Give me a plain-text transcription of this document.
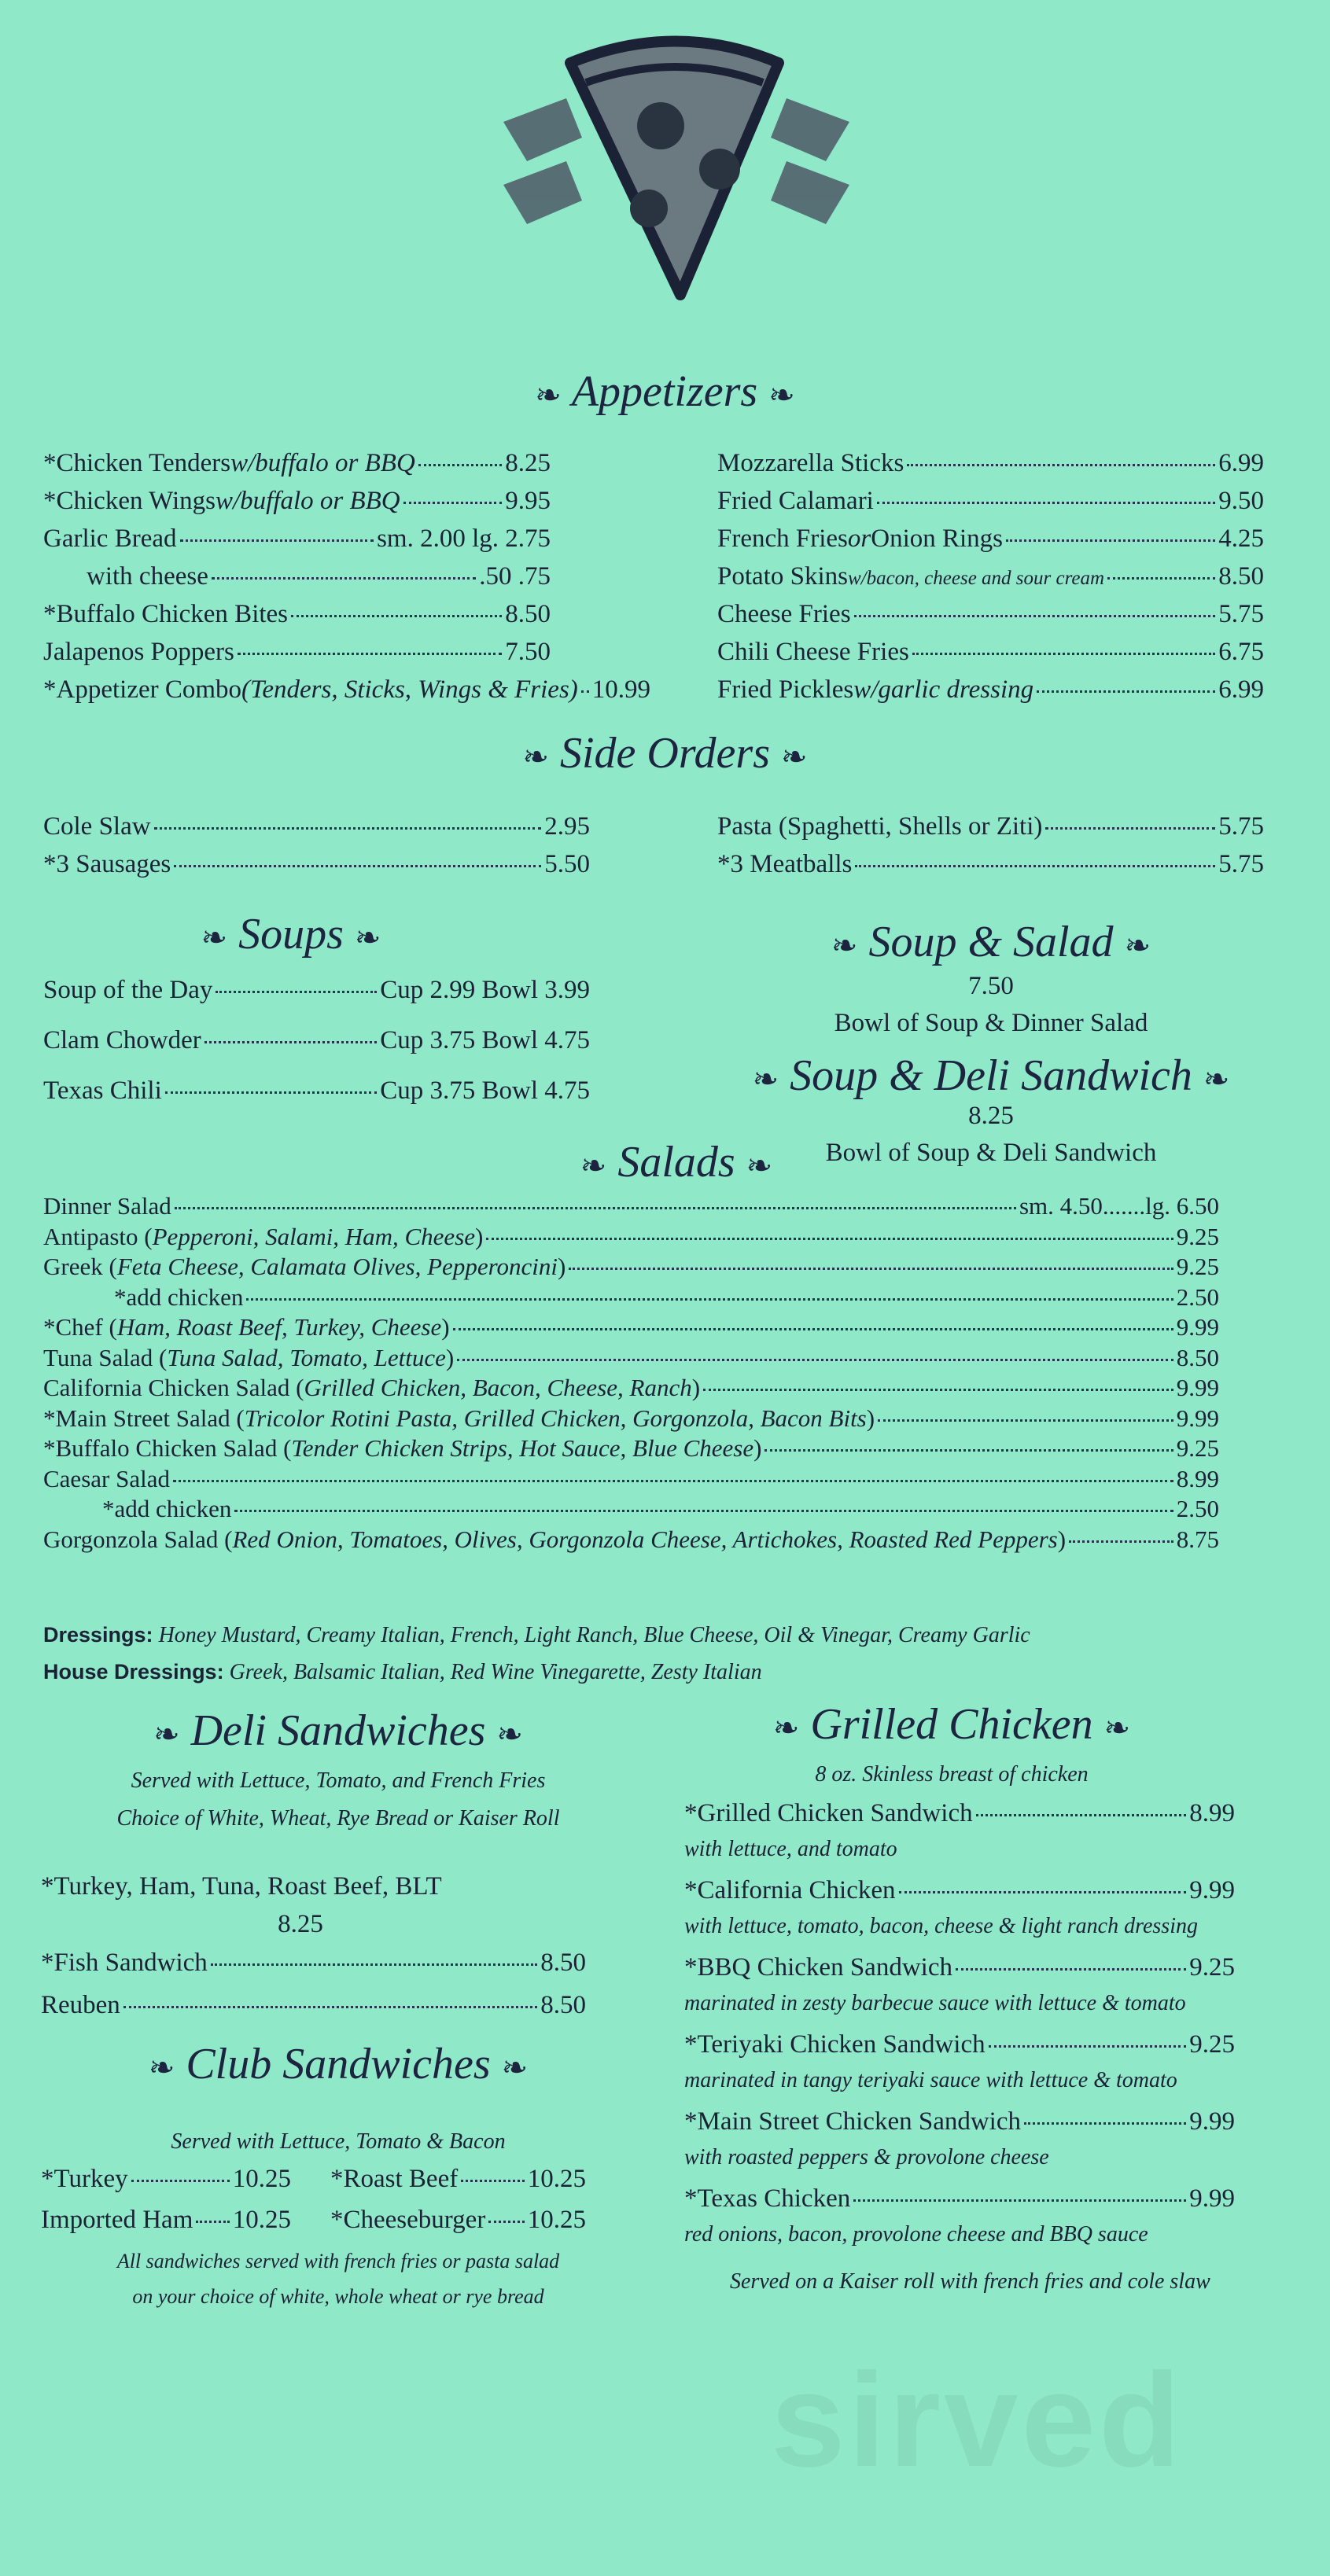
❧ Appetizers ❧
*Chicken Tenders w/buffalo or BBQ	8.25
*Chicken Wings w/buffalo or BBQ	9.95
Garlic Bread	sm. 2.00 lg. 2.75
with cheese	.50 .75
*Buffalo Chicken Bites	8.50
Jalapenos Poppers	7.50
*Appetizer Combo (Tenders, Sticks, Wings & Fries) 10.99
Mozzarella Sticks	6.99
Fried Calamari	9.50
French Fries or Onion Rings	4.25
Potato Skins w/bacon, cheese and sour cream	8.50
Cheese Fries	5.75
Chili Cheese Fries	6.75
Fried Pickles w/garlic dressing	6.99
❧ Side Orders ❧
Cole Slaw	2.95
*3 Sausages	5.50
Pasta (Spaghetti, Shells or Ziti)	5.75
*3 Meatballs	5.75
❧ Soups ❧
Soup of the Day	Cup 2.99 Bowl 3.99
Clam Chowder	Cup 3.75 Bowl 4.75
Texas Chili	Cup 3.75 Bowl 4.75
❧ Soup & Salad ❧
7.50
Bowl of Soup & Dinner Salad
❧ Soup & Deli Sandwich ❧
8.25
Bowl of Soup & Deli Sandwich
❧ Salads ❧
Dinner Salad	sm. 4.50.......lg. 6.50
Antipasto ( Pepperoni, Salami, Ham, Cheese )	9.25
Greek ( Feta Cheese, Calamata Olives, Pepperoncini )	9.25
*add chicken	2.50
*Chef ( Ham, Roast Beef, Turkey, Cheese )	9.99
Tuna Salad ( Tuna Salad, Tomato, Lettuce )	8.50
California Chicken Salad ( Grilled Chicken, Bacon, Cheese, Ranch )	9.99
*Main Street Salad ( Tricolor Rotini Pasta, Grilled Chicken, Gorgonzola, Bacon Bits )	9.99
*Buffalo Chicken Salad ( Tender Chicken Strips, Hot Sauce, Blue Cheese )	9.25
Caesar Salad	8.99
*add chicken	2.50
Gorgonzola Salad ( Red Onion, Tomatoes, Olives, Gorgonzola Cheese, Artichokes, Roasted Red Peppers )	8.75
Dressings: Honey Mustard, Creamy Italian, French, Light Ranch, Blue Cheese, Oil & Vinegar, Creamy Garlic
House Dressings: Greek, Balsamic Italian, Red Wine Vinegarette, Zesty Italian
❧ Deli Sandwiches ❧
Served with Lettuce, Tomato, and French Fries
Choice of White, Wheat, Rye Bread or Kaiser Roll
*Turkey, Ham, Tuna, Roast Beef, BLT
8.25
*Fish Sandwich	8.50
Reuben	8.50
❧ Club Sandwiches ❧
Served with Lettuce, Tomato & Bacon
*Turkey	10.25 *Roast Beef	10.25
Imported Ham 10.25 *Cheeseburger 10.25
All sandwiches served with french fries or pasta salad
on your choice of white, whole wheat or rye bread
❧ Grilled Chicken ❧
8 oz. Skinless breast of chicken
*Grilled Chicken Sandwich	8.99
with lettuce, and tomato
*California Chicken	9.99
with lettuce, tomato, bacon, cheese & light ranch dressing
*BBQ Chicken Sandwich	9.25
marinated in zesty barbecue sauce with lettuce & tomato
*Teriyaki Chicken Sandwich	9.25
marinated in tangy teriyaki sauce with lettuce & tomato
*Main Street Chicken Sandwich	9.99
with roasted peppers & provolone cheese
*Texas Chicken	9.99
red onions, bacon, provolone cheese and BBQ sauce
Served on a Kaiser roll with french fries and cole slaw
sirved
